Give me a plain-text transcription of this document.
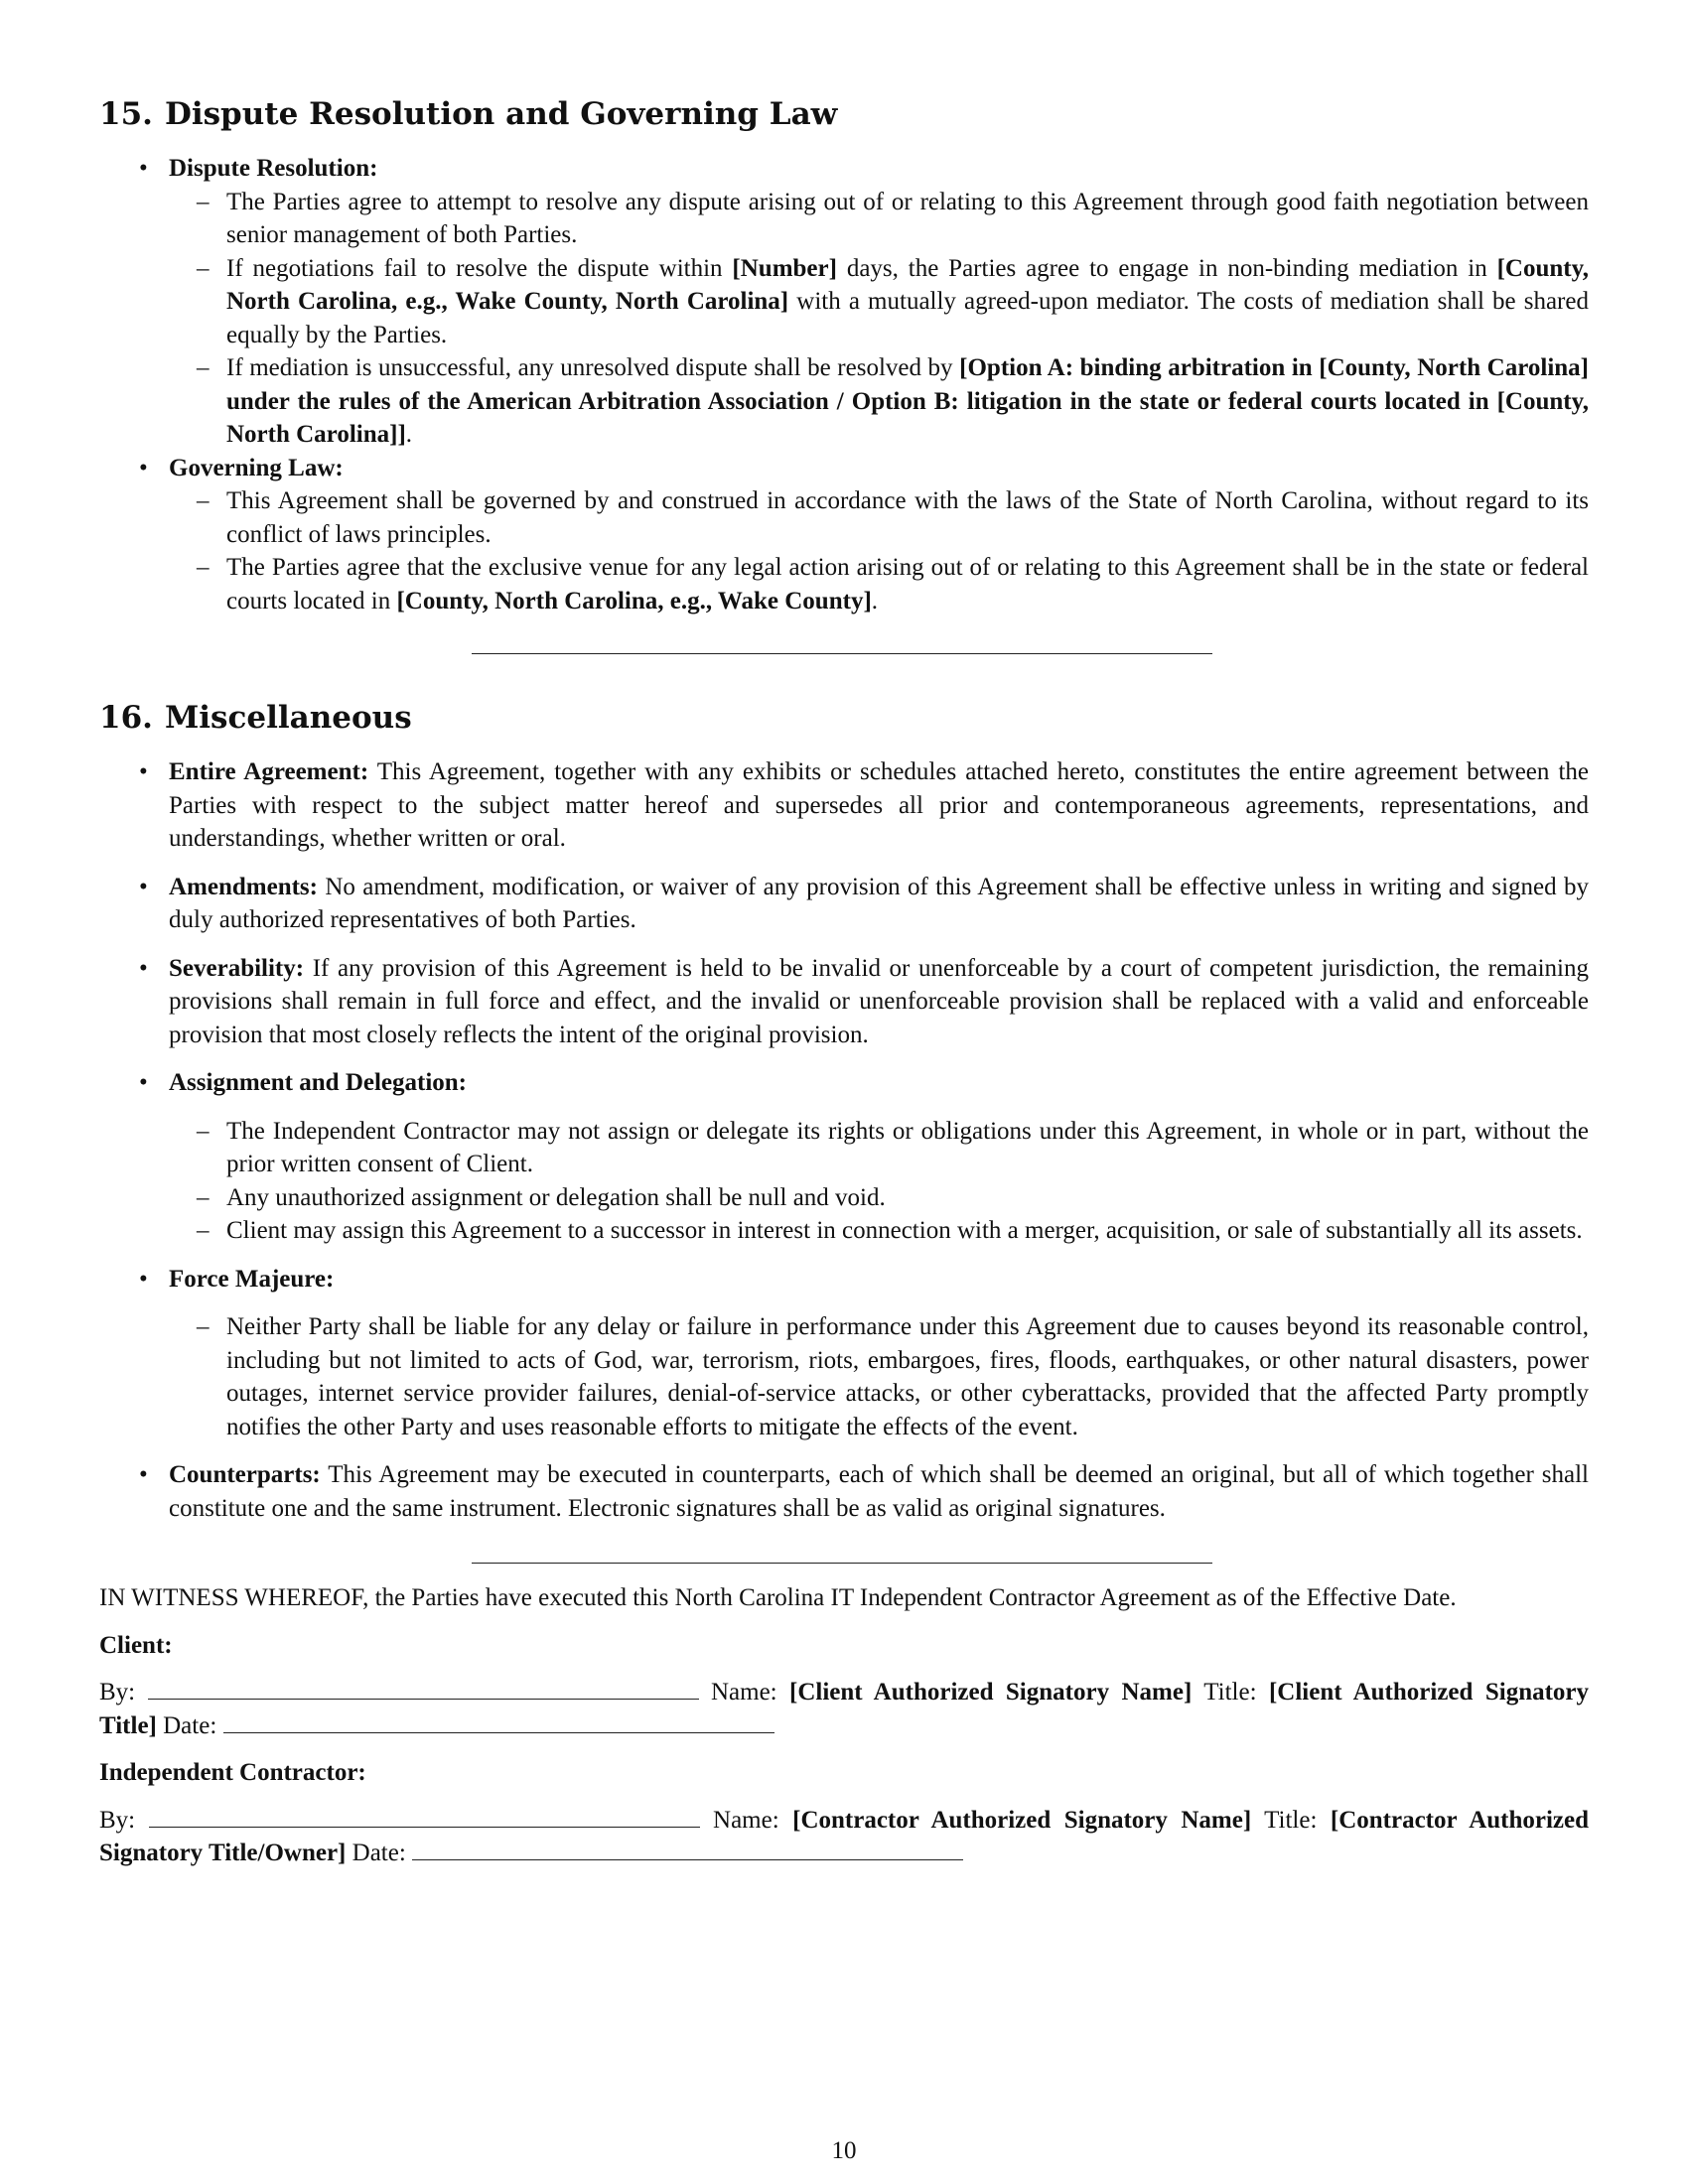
15. Dispute Resolution and Governing Law
• Dispute Resolution:
– The Parties agree to attempt to resolve any dispute arising out of or relating to this Agreement through good faith negotiation between senior management of both Parties.
– If negotiations fail to resolve the dispute within [Number] days, the Parties agree to engage in non-binding mediation in [County, North Carolina, e.g., Wake County, North Carolina] with a mutually agreed-upon mediator. The costs of mediation shall be shared equally by the Parties.
– If mediation is unsuccessful, any unresolved dispute shall be resolved by [Option A: binding arbitration in [County, North Carolina] under the rules of the American Arbitration Association / Option B: litigation in the state or federal courts located in [County, North Carolina]].
• Governing Law:
– This Agreement shall be governed by and construed in accordance with the laws of the State of North Carolina, without regard to its conflict of laws principles.
– The Parties agree that the exclusive venue for any legal action arising out of or relating to this Agreement shall be in the state or federal courts located in [County, North Carolina, e.g., Wake County].
16. Miscellaneous
• Entire Agreement: This Agreement, together with any exhibits or schedules attached hereto, constitutes the entire agreement between the Parties with respect to the subject matter hereof and supersedes all prior and contemporaneous agreements, representations, and understandings, whether written or oral.
• Amendments: No amendment, modification, or waiver of any provision of this Agreement shall be effective unless in writing and signed by duly authorized representatives of both Parties.
• Severability: If any provision of this Agreement is held to be invalid or unenforceable by a court of competent jurisdiction, the remaining provisions shall remain in full force and effect, and the invalid or unenforceable provision shall be replaced with a valid and enforceable provision that most closely reflects the intent of the original provision.
• Assignment and Delegation:
– The Independent Contractor may not assign or delegate its rights or obligations under this Agreement, in whole or in part, without the prior written consent of Client.
– Any unauthorized assignment or delegation shall be null and void.
– Client may assign this Agreement to a successor in interest in connection with a merger, acquisition, or sale of substantially all its assets.
• Force Majeure:
– Neither Party shall be liable for any delay or failure in performance under this Agreement due to causes beyond its reasonable control, including but not limited to acts of God, war, terrorism, riots, embargoes, fires, floods, earthquakes, or other natural disasters, power outages, internet service provider failures, denial-of-service attacks, or other cyberattacks, provided that the affected Party promptly notifies the other Party and uses reasonable efforts to mitigate the effects of the event.
• Counterparts: This Agreement may be executed in counterparts, each of which shall be deemed an original, but all of which together shall constitute one and the same instrument. Electronic signatures shall be as valid as original signatures.
IN WITNESS WHEREOF, the Parties have executed this North Carolina IT Independent Contractor Agreement as of the Effective Date.
Client:
By:	Name: [Client Authorized Signatory Name] Title: [Client Authorized Signatory Title] Date:
Independent Contractor:
By:	Name: [Contractor Authorized Signatory Name] Title: [Contractor Authorized Signatory Title/Owner] Date:
10
